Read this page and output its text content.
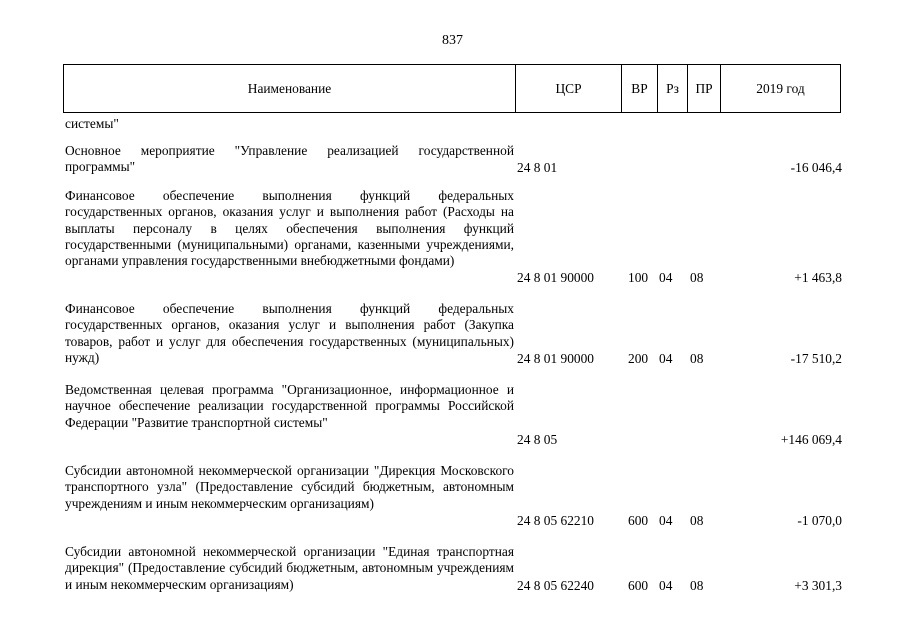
837
Наименование	ЦСР	ВР	Рз	ПР	2019 год
системы"
Основное мероприятие "Управление реализацией государственной программы"	24 8 01	-16 046,4
Финансовое обеспечение выполнения функций федеральных государственных органов, оказания услуг и выполнения работ (Расходы на выплаты персоналу в целях обеспечения выполнения функций государственными (муниципальными) органами, казенными учреждениями, органами управления государственными внебюджетными фондами)
24 8 01 90000	100 04 08	+1 463,8
Финансовое обеспечение выполнения функций федеральных государственных органов, оказания услуг и выполнения работ (Закупка товаров, работ и услуг для обеспечения государственных (муниципальных) нужд)	24 8 01 90000	200 04 08	-17 510,2
Ведомственная целевая программа "Организационное, информационное и научное обеспечение реализации государственной программы Российской Федерации "Развитие транспортной системы"
24 8 05	+146 069,4
Субсидии автономной некоммерческой организации "Дирекция Московского транспортного узла" (Предоставление субсидий бюджетным, автономным учреждениям и иным некоммерческим организациям)
24 8 05 62210	600 04 08	-1 070,0
Субсидии автономной некоммерческой организации "Единая транспортная дирекция" (Предоставление субсидий бюджетным, автономным учреждениям и иным некоммерческим организациям)	24 8 05 62240	600 04 08	+3 301,3
